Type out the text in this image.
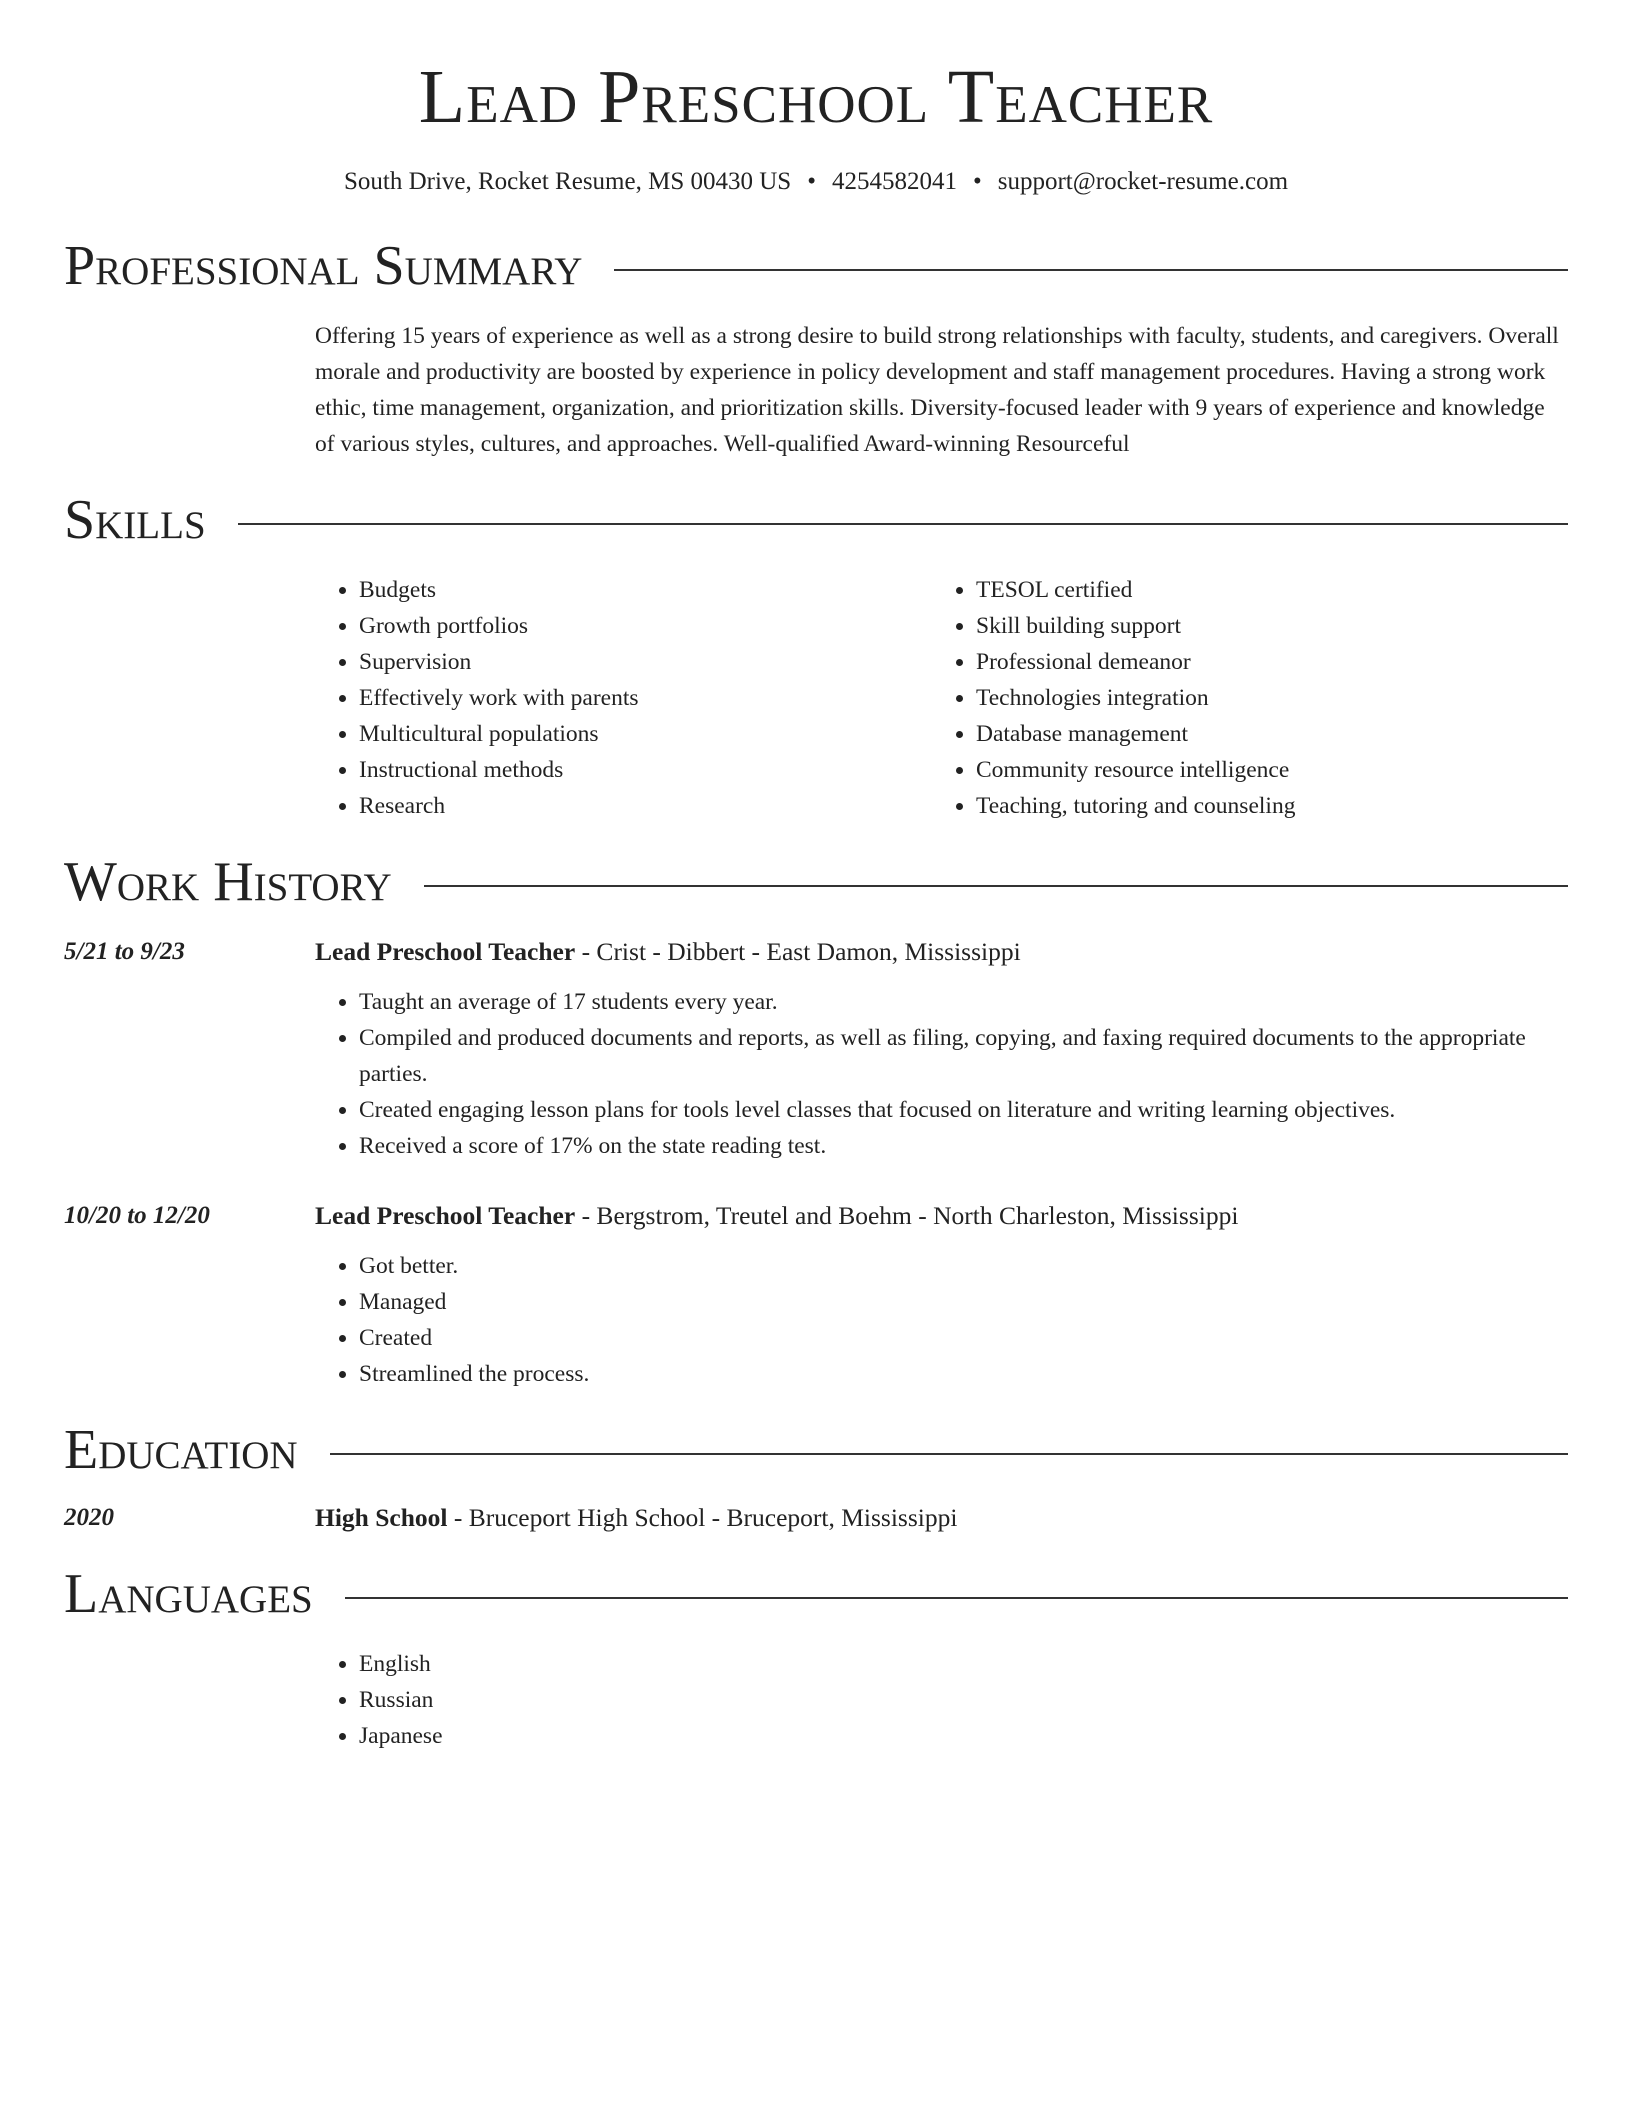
Lead Preschool Teacher
South Drive, Rocket Resume, MS 00430 US • 4254582041 • support@rocket-resume.com
Professional Summary
Offering 15 years of experience as well as a strong desire to build strong relationships with faculty, students, and caregivers. Overall morale and productivity are boosted by experience in policy development and staff management procedures. Having a strong work ethic, time management, organization, and prioritization skills. Diversity-focused leader with 9 years of experience and knowledge of various styles, cultures, and approaches. Well-qualified Award-winning Resourceful
Skills
• Budgets
• Growth portfolios
• Supervision
• Effectively work with parents
• Multicultural populations
• Instructional methods
• Research
• TESOL certified
• Skill building support
• Professional demeanor
• Technologies integration
• Database management
• Community resource intelligence
• Teaching, tutoring and counseling
Work History
5/21 to 9/23	Lead Preschool Teacher - Crist - Dibbert - East Damon, Mississippi
• Taught an average of 17 students every year.
• Compiled and produced documents and reports, as well as filing, copying, and faxing required documents to the appropriate parties.
• Created engaging lesson plans for tools level classes that focused on literature and writing learning objectives.
• Received a score of 17% on the state reading test.
10/20 to 12/20	Lead Preschool Teacher - Bergstrom, Treutel and Boehm - North Charleston, Mississippi
• Got better.
• Managed
• Created
• Streamlined the process.
Education
2020	High School - Bruceport High School - Bruceport, Mississippi
Languages
• English
• Russian
• Japanese
